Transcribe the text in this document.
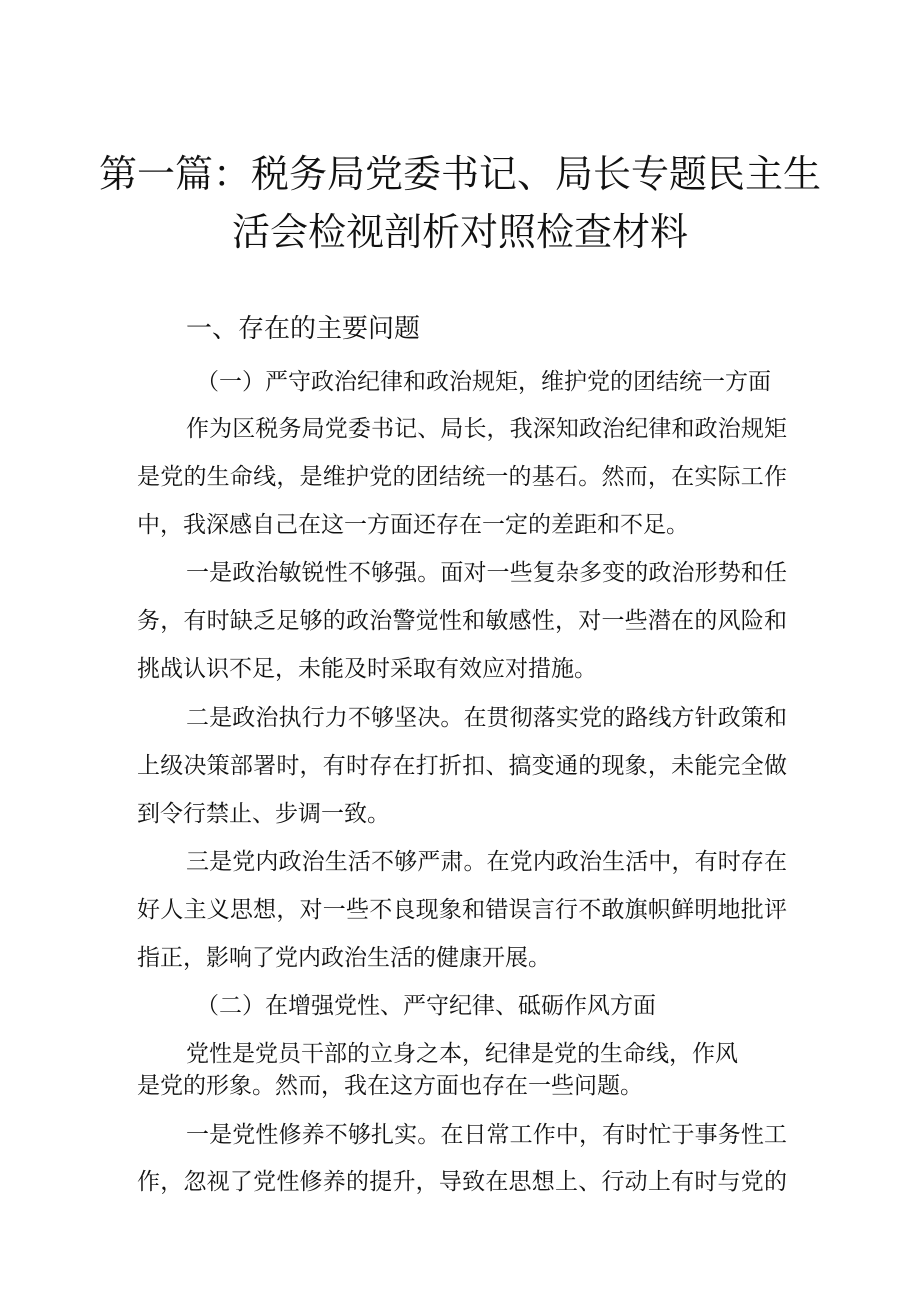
第一篇：税务局党委书记、局长专题民主生
活会检视剖析对照检查材料
一、存在的主要问题
（一）严守政治纪律和政治规矩，维护党的团结统一方面
作为区税务局党委书记、局长，我深知政治纪律和政治规矩
是党的生命线，是维护党的团结统一的基石。然而，在实际工作
中，我深感自己在这一方面还存在一定的差距和不足。
一是政治敏锐性不够强。面对一些复杂多变的政治形势和任
务，有时缺乏足够的政治警觉性和敏感性，对一些潜在的风险和
挑战认识不足，未能及时采取有效应对措施。
二是政治执行力不够坚决。在贯彻落实党的路线方针政策和
上级决策部署时，有时存在打折扣、搞变通的现象，未能完全做
到令行禁止、步调一致。
三是党内政治生活不够严肃。在党内政治生活中，有时存在
好人主义思想，对一些不良现象和错误言行不敢旗帜鲜明地批评
指正，影响了党内政治生活的健康开展。
（二）在增强党性、严守纪律、砥砺作风方面
党性是党员干部的立身之本，纪律是党的生命线，作风
是党的形象。然而，我在这方面也存在一些问题。
一是党性修养不够扎实。在日常工作中，有时忙于事务性工
作，忽视了党性修养的提升，导致在思想上、行动上有时与党的
